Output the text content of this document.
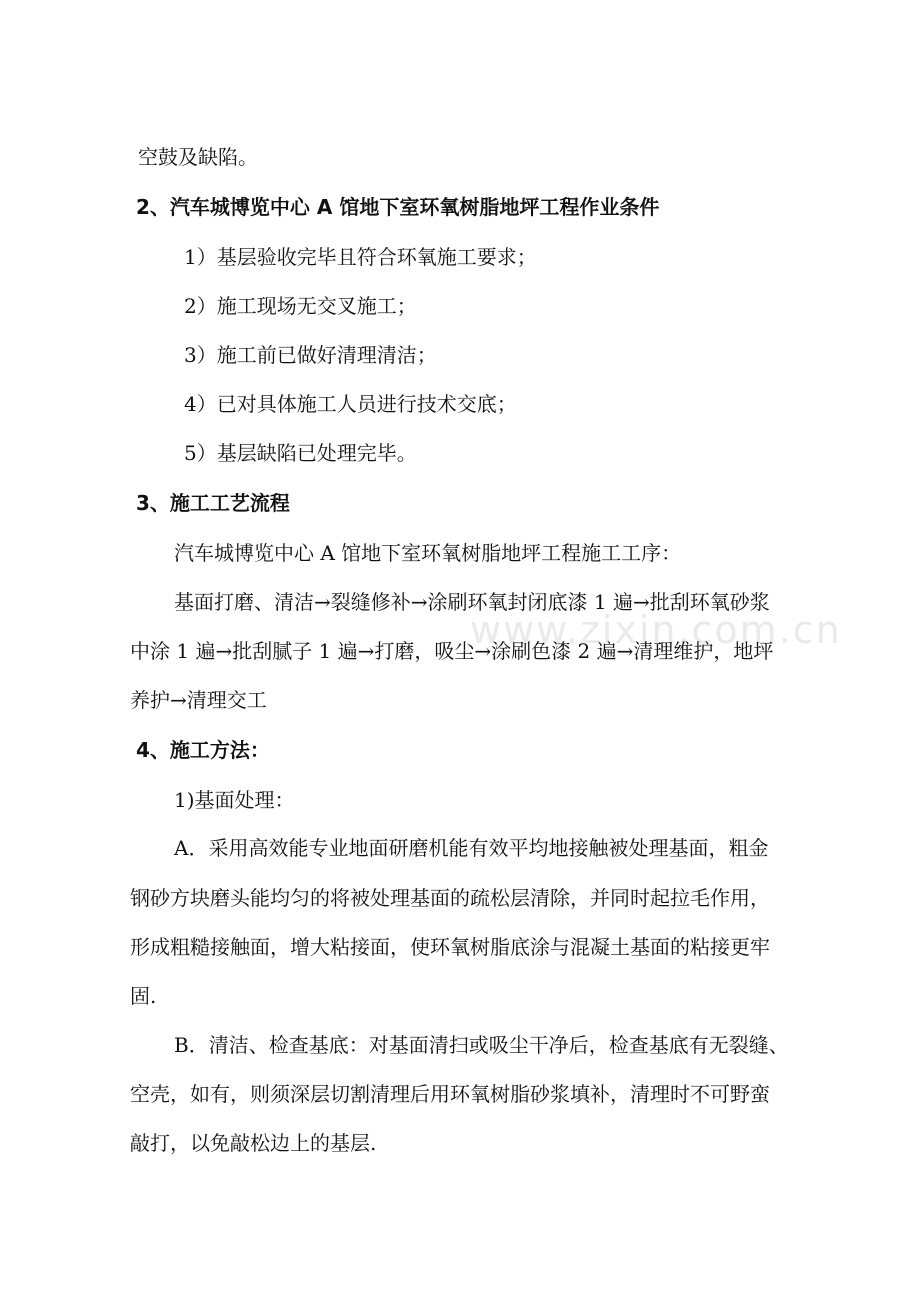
www.zixin.com.cn
空鼓及缺陷。
2、汽车城博览中心 A 馆地下室环氧树脂地坪工程作业条件
1）基层验收完毕且符合环氧施工要求；
2）施工现场无交叉施工；
3）施工前已做好清理清洁；
4）已对具体施工人员进行技术交底；
5）基层缺陷已处理完毕。
3、施工工艺流程
汽车城博览中心 A 馆地下室环氧树脂地坪工程施工工序：
基面打磨、清洁→裂缝修补→涂刷环氧封闭底漆 1 遍→批刮环氧砂浆
中涂 1 遍→批刮腻子 1 遍→打磨，吸尘→涂刷色漆 2 遍→清理维护，地坪
养护→清理交工
4、施工方法：
1)基面处理：
A．采用高效能专业地面研磨机能有效平均地接触被处理基面，粗金
钢砂方块磨头能均匀的将被处理基面的疏松层清除，并同时起拉毛作用，
形成粗糙接触面，增大粘接面，使环氧树脂底涂与混凝土基面的粘接更牢
固.
B．清洁、检查基底：对基面清扫或吸尘干净后，检查基底有无裂缝、
空壳，如有，则须深层切割清理后用环氧树脂砂浆填补，清理时不可野蛮
敲打，以免敲松边上的基层.
